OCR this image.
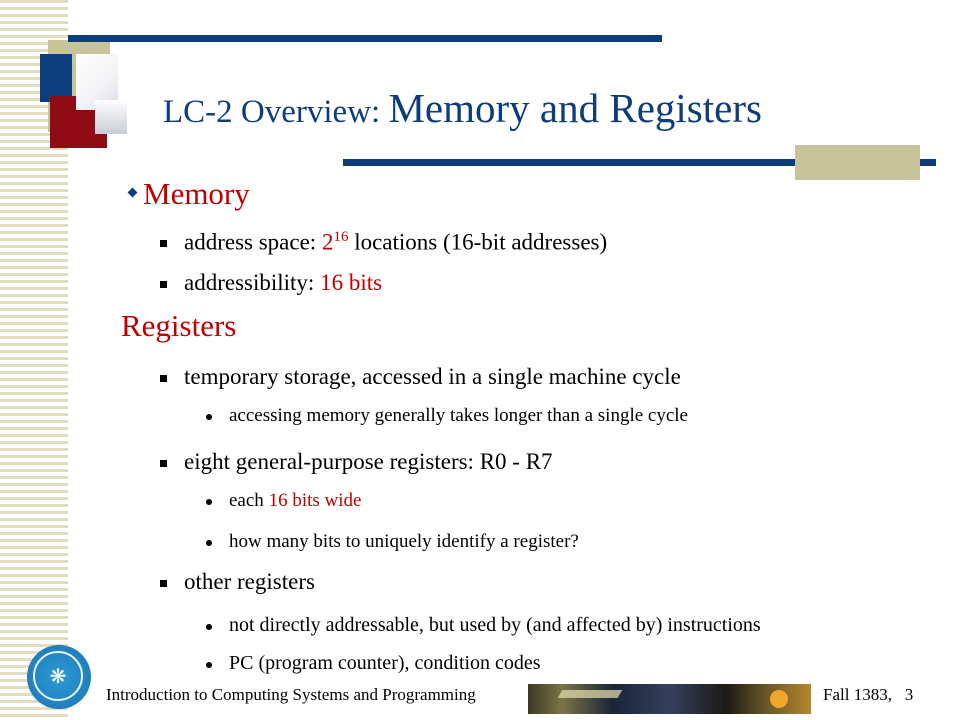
LC-2 Overview: Memory and Registers
Memory
address space: $2^{16}$ locations (16-bit addresses)
addressibility: 16 bits
Registers
temporary storage, accessed in a single machine cycle
accessing memory generally takes longer than a single cycle
eight general-purpose registers: R0 - R7
each 16 bits wide
how many bits to uniquely identify a register?
other registers
not directly addressable, but used by (and affected by) instructions
PC (program counter), condition codes
❋
Introduction to Computing Systems and Programming	Fall 1383, 3
